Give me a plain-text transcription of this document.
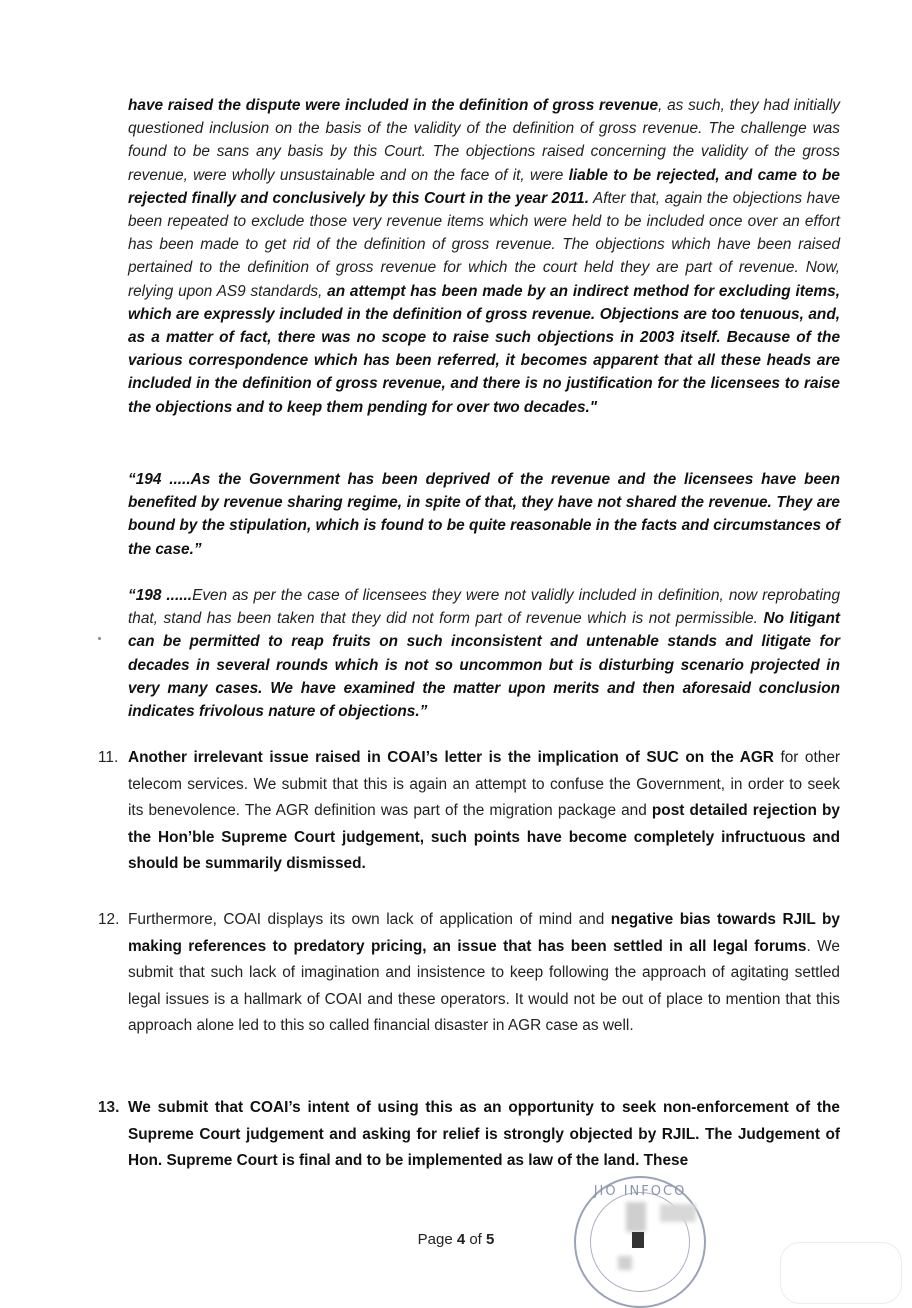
have raised the dispute were included in the definition of gross revenue, as such, they had initially questioned inclusion on the basis of the validity of the definition of gross revenue. The challenge was found to be sans any basis by this Court. The objections raised concerning the validity of the gross revenue, were wholly unsustainable and on the face of it, were liable to be rejected, and came to be rejected finally and conclusively by this Court in the year 2011. After that, again the objections have been repeated to exclude those very revenue items which were held to be included once over an effort has been made to get rid of the definition of gross revenue. The objections which have been raised pertained to the definition of gross revenue for which the court held they are part of revenue. Now, relying upon AS9 standards, an attempt has been made by an indirect method for excluding items, which are expressly included in the definition of gross revenue. Objections are too tenuous, and, as a matter of fact, there was no scope to raise such objections in 2003 itself. Because of the various correspondence which has been referred, it becomes apparent that all these heads are included in the definition of gross revenue, and there is no justification for the licensees to raise the objections and to keep them pending for over two decades."
“194 .....As the Government has been deprived of the revenue and the licensees have been benefited by revenue sharing regime, in spite of that, they have not shared the revenue. They are bound by the stipulation, which is found to be quite reasonable in the facts and circumstances of the case.”
“198 ......Even as per the case of licensees they were not validly included in definition, now reprobating that, stand has been taken that they did not form part of revenue which is not permissible. No litigant can be permitted to reap fruits on such inconsistent and untenable stands and litigate for decades in several rounds which is not so uncommon but is disturbing scenario projected in very many cases. We have examined the matter upon merits and then aforesaid conclusion indicates frivolous nature of objections.”
11. Another irrelevant issue raised in COAI’s letter is the implication of SUC on the AGR for other telecom services. We submit that this is again an attempt to confuse the Government, in order to seek its benevolence. The AGR definition was part of the migration package and post detailed rejection by the Hon’ble Supreme Court judgement, such points have become completely infructuous and should be summarily dismissed.
12. Furthermore, COAI displays its own lack of application of mind and negative bias towards RJIL by making references to predatory pricing, an issue that has been settled in all legal forums. We submit that such lack of imagination and insistence to keep following the approach of agitating settled legal issues is a hallmark of COAI and these operators. It would not be out of place to mention that this approach alone led to this so called financial disaster in AGR case as well.
13. We submit that COAI’s intent of using this as an opportunity to seek non-enforcement of the Supreme Court judgement and asking for relief is strongly objected by RJIL. The Judgement of Hon. Supreme Court is final and to be implemented as law of the land. These
Page 4 of 5
JIO INFOCO
